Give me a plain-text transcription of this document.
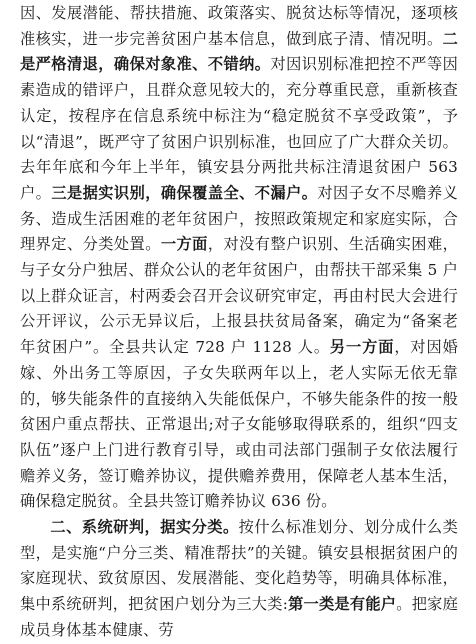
因、发展潜能、帮扶措施、政策落实、脱贫达标等情况，逐项核准核实，进一步完善贫困户基本信息，做到底子清、情况明。二是严格清退，确保对象准、不错纳。对因识别标准把控不严等因素造成的错评户，且群众意见较大的，充分尊重民意，重新核查认定，按程序在信息系统中标注为“稳定脱贫不享受政策”，予以“清退”，既严守了贫困户识别标准，也回应了广大群众关切。去年年底和今年上半年，镇安县分两批共标注清退贫困户 563 户。三是据实识别，确保覆盖全、不漏户。对因子女不尽赡养义务、造成生活困难的老年贫困户，按照政策规定和家庭实际，合理界定、分类处置。一方面，对没有整户识别、生活确实困难，与子女分户独居、群众公认的老年贫困户，由帮扶干部采集 5 户以上群众证言，村两委会召开会议研究审定，再由村民大会进行公开评议，公示无异议后，上报县扶贫局备案，确定为“备案老年贫困户”。全县共认定 728 户 1128 人。另一方面，对因婚嫁、外出务工等原因，子女失联两年以上，老人实际无依无靠的，够失能条件的直接纳入失能低保户，不够失能条件的按一般贫困户重点帮扶、正常退出;对子女能够取得联系的，组织“四支队伍”逐户上门进行教育引导，或由司法部门强制子女依法履行赡养义务，签订赡养协议，提供赡养费用，保障老人基本生活，确保稳定脱贫。全县共签订赡养协议 636 份。

二、系统研判，据实分类。按什么标准划分、划分成什么类型，是实施“户分三类、精准帮扶”的关键。镇安县根据贫困户的家庭现状、致贫原因、发展潜能、变化趋势等，明确具体标准，集中系统研判，把贫困户划分为三大类:第一类是有能户。把家庭成员身体基本健康、劳
